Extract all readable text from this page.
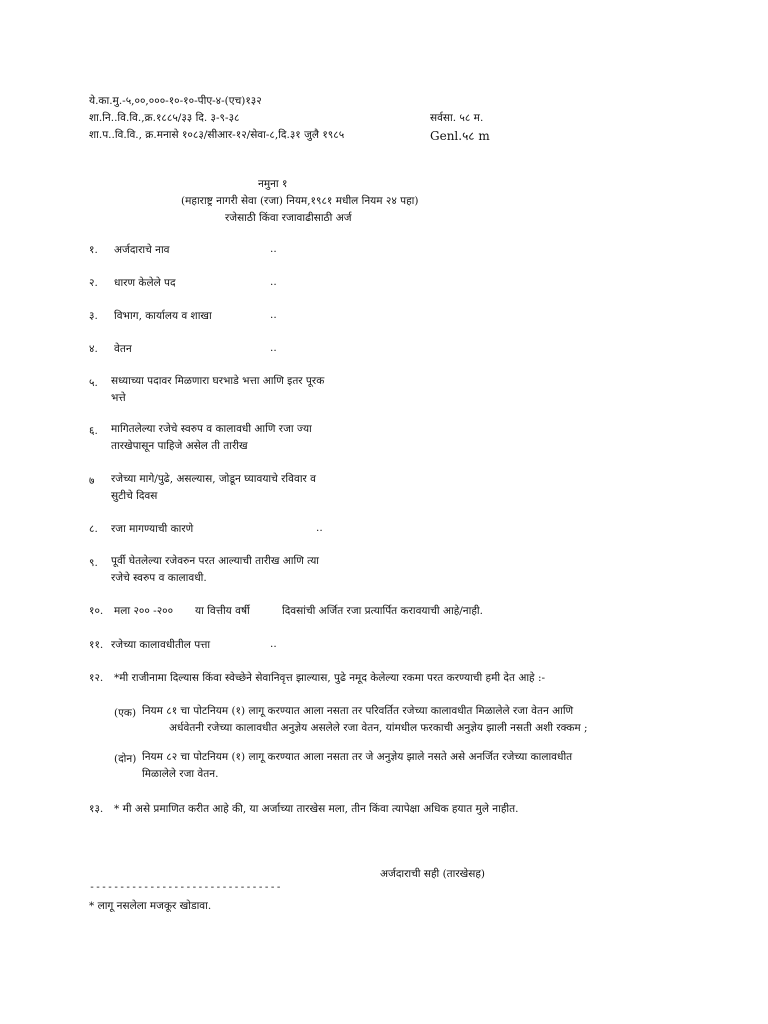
ये.का.मु.-५,००,०००-१०-१०-पीए-४-(एच)१३२
शा.नि..वि.वि.,क्र.१८८५/३३ दि. ३-९-३८
शा.प..वि.वि., क्र.मनासे १०८३/सीआर-१२/सेवा-८,दि.३१ जुलै १९८५
सर्वसा. ५८ म.
Genl.५८ m
नमुना १
(महाराष्ट्र नागरी सेवा (रजा) नियम,१९८१ मधील नियम २४ पहा)
रजेसाठी किंवा रजावाढीसाठी अर्ज
१. अर्जदाराचे नाव	..
२. धारण केलेले पद	..
३. विभाग, कार्यालय व शाखा	..
४. वेतन	..
५. सध्याच्या पदावर मिळणारा घरभाडे भत्ता आणि इतर पूरक
भत्ते
६. मागितलेल्या रजेचे स्वरुप व कालावधी आणि रजा ज्या
तारखेपासून पाहिजे असेल ती तारीख
७ रजेच्या मागे/पुढे, असल्यास, जोडून घ्यावयाचे रविवार व
सुटीचे दिवस
८. रजा मागण्याची कारणे	..
९. पूर्वी घेतलेल्या रजेवरुन परत आल्याची तारीख आणि त्या
रजेचे स्वरुप व कालावधी.
१०. मला २०० -२०० या वित्तीय वर्षी	दिवसांची अर्जित रजा प्रत्यार्पित करावयाची आहे/नाही.
११. रजेच्या कालावधीतील पत्ता	..
१२. *मी राजीनामा दिल्यास किंवा स्वेच्छेने सेवानिवृत्त झाल्यास, पुढे नमूद केलेल्या रकमा परत करण्याची हमी देत आहे :-
(एक) नियम ८१ चा पोटनियम (१) लागू करण्यात आला नसता तर परिवर्तित रजेच्या कालावधीत मिळालेले रजा वेतन आणि
अर्धवेतनी रजेच्या कालावधीत अनुज्ञेय असलेले रजा वेतन, यांमधील फरकाची अनुज्ञेय झाली नसती अशी रक्कम ;
(दोन) नियम ८२ चा पोटनियम (१) लागू करण्यात आला नसता तर जे अनुज्ञेय झाले नसते असे अनर्जित रजेच्या कालावधीत
मिळालेले रजा वेतन.
१३. * मी असे प्रमाणित करीत आहे की, या अर्जाच्या तारखेस मला, तीन किंवा त्यापेक्षा अधिक हयात मुले नाहीत.
अर्जदाराची सही (तारखेसह)
--------------------------------
* लागू नसलेला मजकूर खोडावा.
